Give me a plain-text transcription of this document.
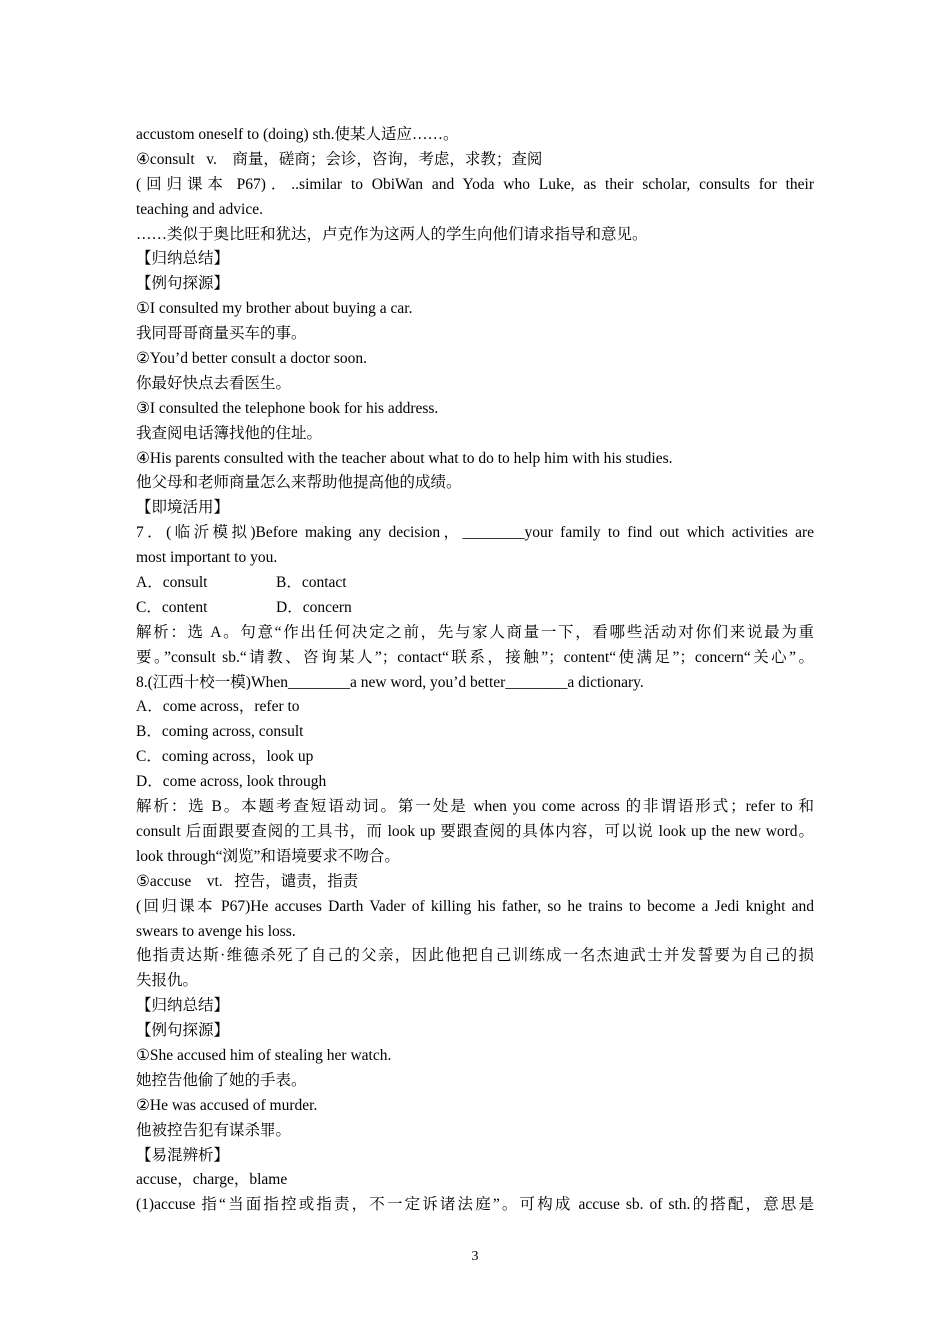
accustom oneself to (doing) sth.使某人适应……。
④consult   v.    商量，磋商；会诊，咨询，考虑，求教；查阅
(回归课本 P67)．..similar to ObiWan and Yoda who Luke, as their scholar, consults for their
teaching and advice.
……类似于奥比旺和犹达，卢克作为这两人的学生向他们请求指导和意见。
【归纳总结】
【例句探源】
①I consulted my brother about buying a car.
我同哥哥商量买车的事。
②You’d better consult a doctor soon.
你最好快点去看医生。
③I consulted the telephone book for his address.
我查阅电话簿找他的住址。
④His parents consulted with the teacher about what to do to help him with his studies.
他父母和老师商量怎么来帮助他提高他的成绩。
【即境活用】
7．(临沂模拟)Before making any decision，________your family to find out which activities are
most important to you.
A．consult	B．contact
C．content	D．concern
解析：选 A。句意“作出任何决定之前，先与家人商量一下，看哪些活动对你们来说最为重
要。”consult sb.“请教、咨询某人”；contact“联系，接触”；content“使满足”；concern“关心”。
8.(江西十校一模)When________a new word, you’d better________a dictionary.
A．come across，refer to
B．coming across, consult
C．coming across，look up
D．come across, look through
解析：选 B。本题考查短语动词。第一处是 when you come across 的非谓语形式；refer to 和
consult 后面跟要查阅的工具书，而 look up 要跟查阅的具体内容，可以说 look up the new word。
look through“浏览”和语境要求不吻合。
⑤accuse    vt.   控告，谴责，指责
(回归课本 P67)He accuses Darth Vader of killing his father, so he trains to become a Jedi knight and
swears to avenge his loss.
他指责达斯·维德杀死了自己的父亲，因此他把自己训练成一名杰迪武士并发誓要为自己的损
失报仇。
【归纳总结】
【例句探源】
①She accused him of stealing her watch.
她控告他偷了她的手表。
②He was accused of murder.
他被控告犯有谋杀罪。
【易混辨析】
accuse，charge，blame
(1)accuse 指“当面指控或指责，不一定诉诸法庭”。可构成 accuse sb. of sth.的搭配，意思是
3
